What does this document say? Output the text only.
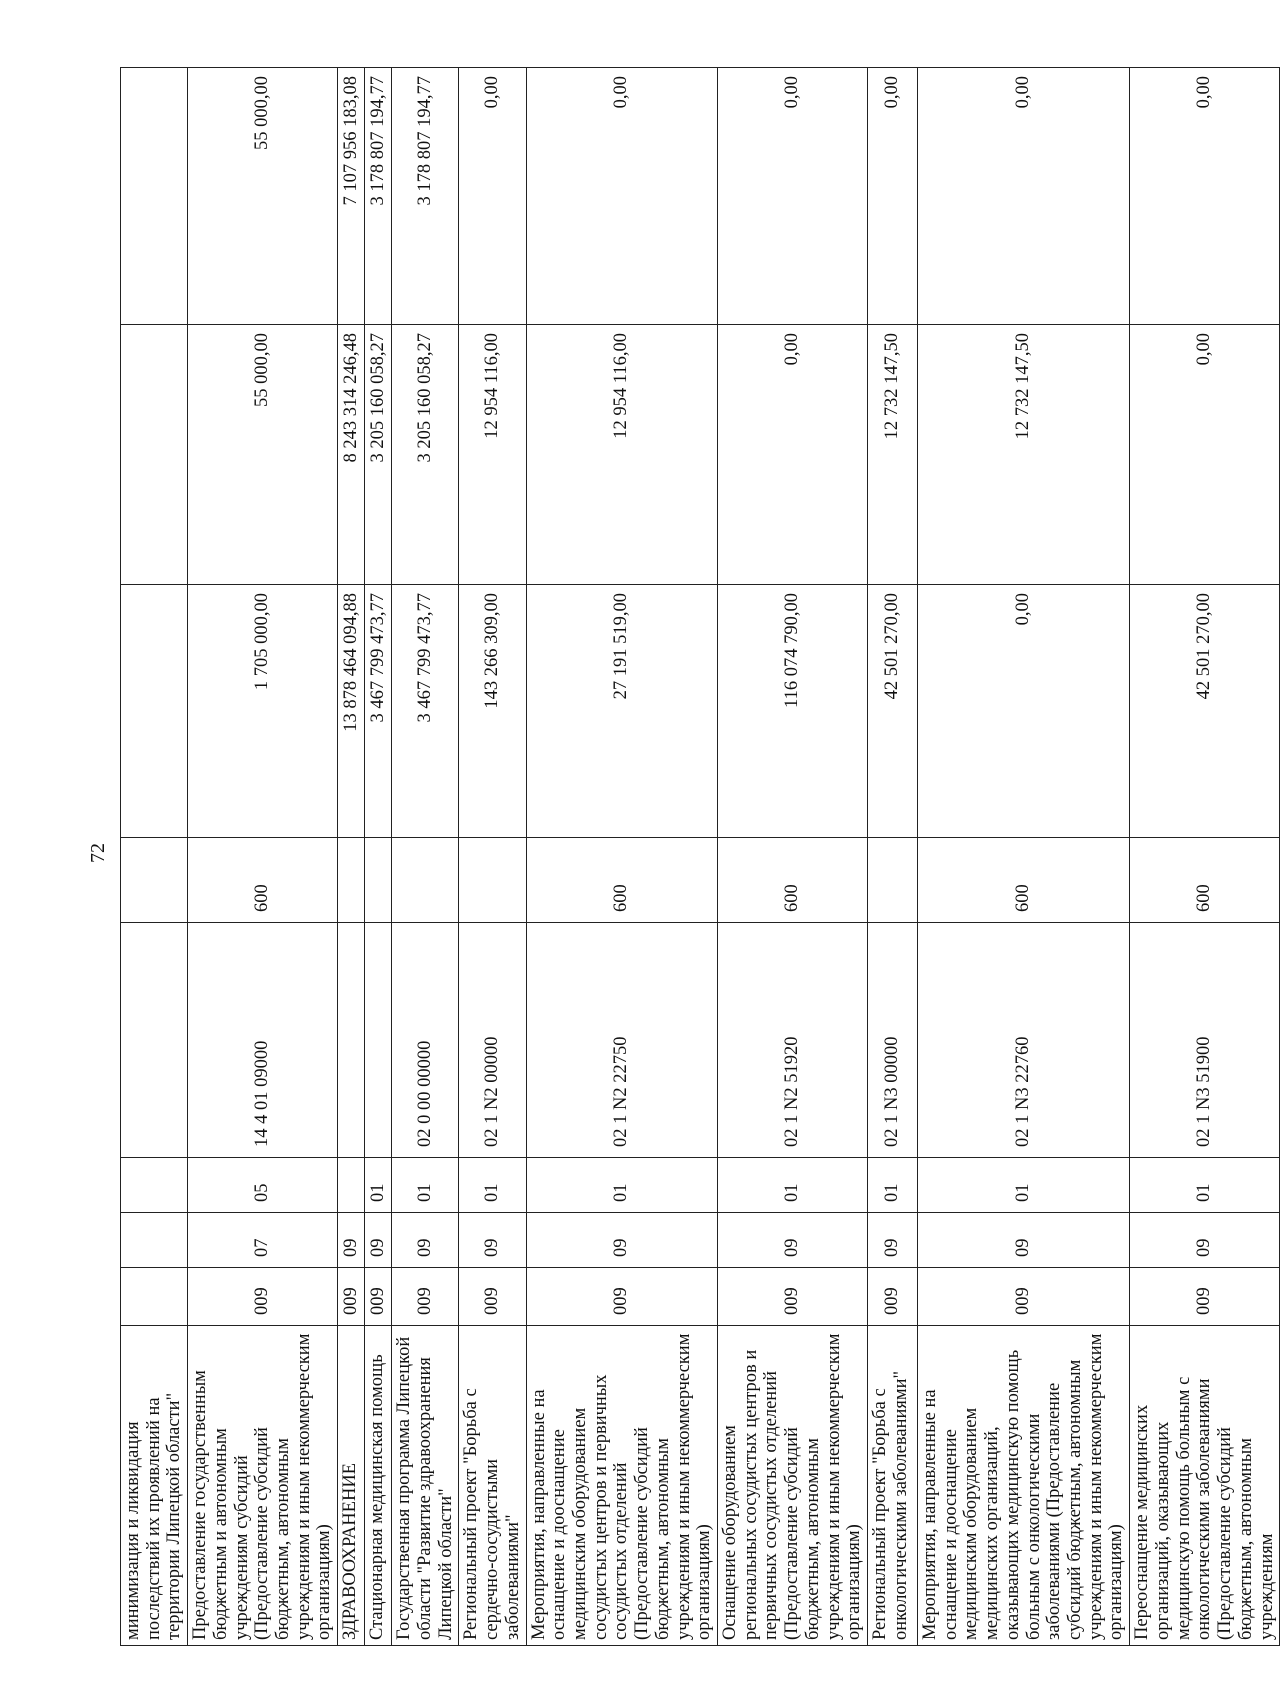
72
минимизация и ликвидация последствий их проявлений на территории Липецкой области"								
Предоставление государственным бюджетным и автономным учреждениям субсидий (Предоставление субсидий бюджетным, автономным учреждениям и иным некоммерческим организациям)	009	07	05	14 4 01 09000	600	1 705 000,00	55 000,00	55 000,00
ЗДРАВООХРАНЕНИЕ	009	09				13 878 464 094,88	8 243 314 246,48	7 107 956 183,08
Стационарная медицинская помощь	009	09	01			3 467 799 473,77	3 205 160 058,27	3 178 807 194,77
Государственная программа Липецкой области "Развитие здравоохранения Липецкой области"	009	09	01	02 0 00 00000		3 467 799 473,77	3 205 160 058,27	3 178 807 194,77
Региональный проект "Борьба с сердечно-сосудистыми заболеваниями"	009	09	01	02 1 N2 00000		143 266 309,00	12 954 116,00	0,00
Мероприятия, направленные на оснащение и дооснащение медицинским оборудованием сосудистых центров и первичных сосудистых отделений (Предоставление субсидий бюджетным, автономным учреждениям и иным некоммерческим организациям)	009	09	01	02 1 N2 22750	600	27 191 519,00	12 954 116,00	0,00
Оснащение оборудованием региональных сосудистых центров и первичных сосудистых отделений (Предоставление субсидий бюджетным, автономным учреждениям и иным некоммерческим организациям)	009	09	01	02 1 N2 51920	600	116 074 790,00	0,00	0,00
Региональный проект "Борьба с онкологическими заболеваниями"	009	09	01	02 1 N3 00000		42 501 270,00	12 732 147,50	0,00
Мероприятия, направленные на оснащение и дооснащение медицинским оборудованием медицинских организаций, оказывающих медицинскую помощь больным с онкологическими заболеваниями (Предоставление субсидий бюджетным, автономным учреждениям и иным некоммерческим организациям)	009	09	01	02 1 N3 22760	600	0,00	12 732 147,50	0,00
Переоснащение медицинских организаций, оказывающих медицинскую помощь больным с онкологическими заболеваниями (Предоставление субсидий бюджетным, автономным учреждениям	009	09	01	02 1 N3 51900	600	42 501 270,00	0,00	0,00
